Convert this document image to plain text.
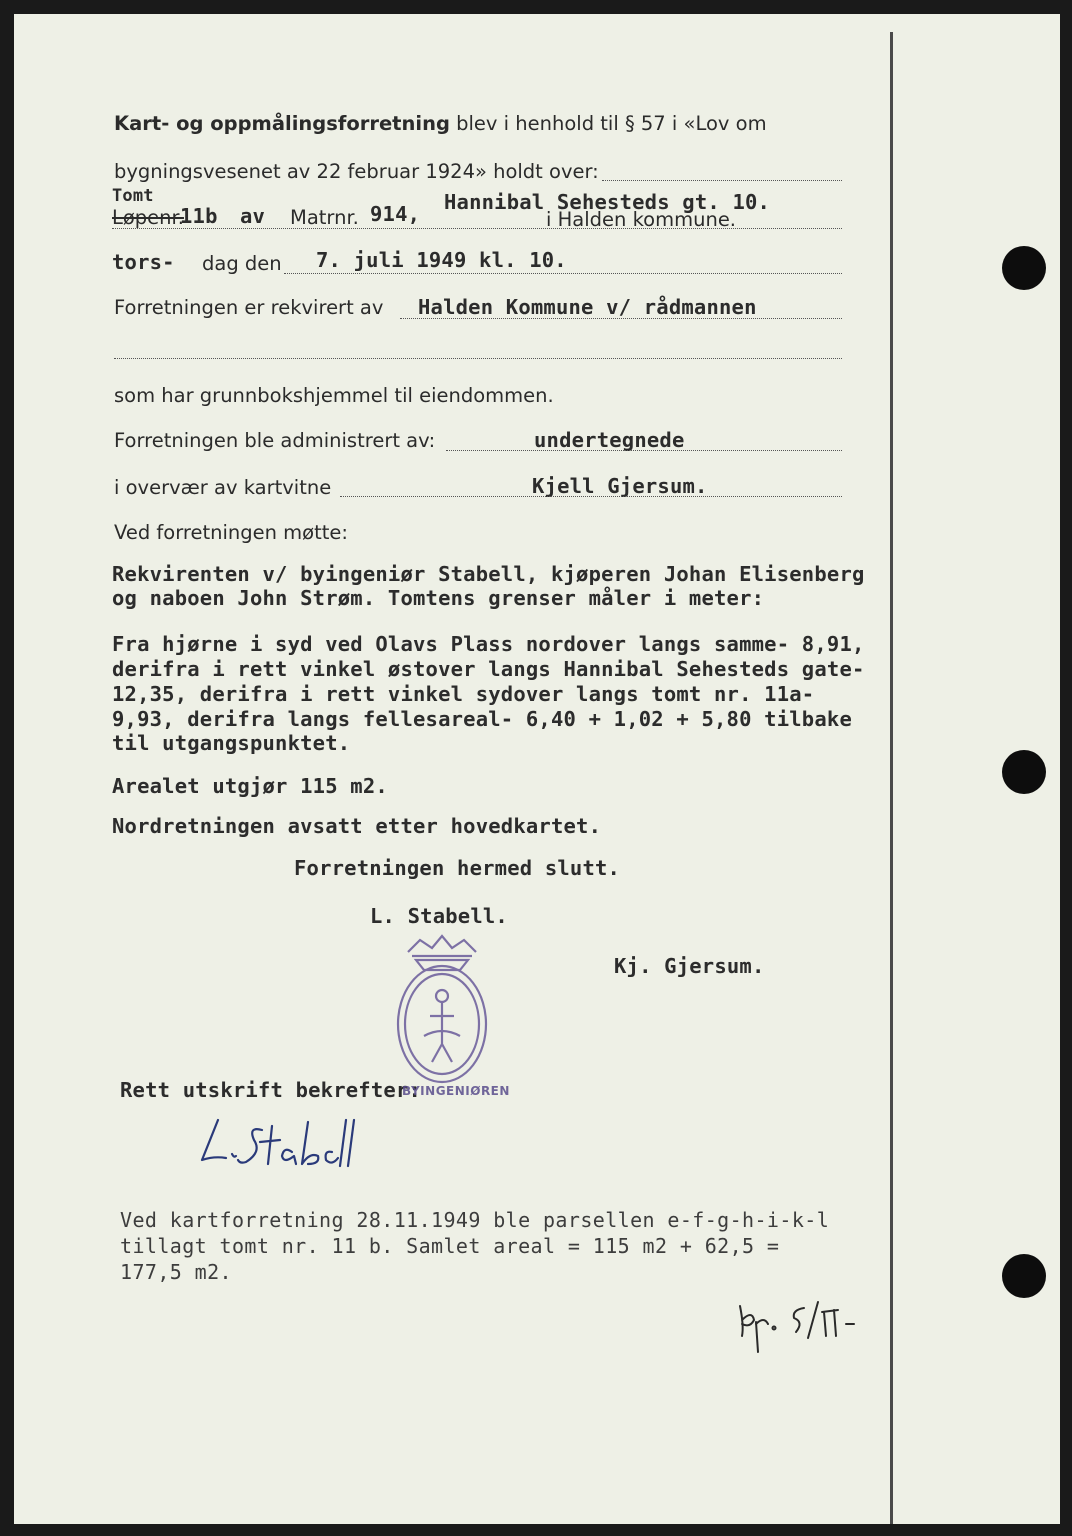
Kart- og oppmålingsforretning blev i henhold til § 57 i «Lov om
bygningsvesenet av 22 februar 1924» holdt over:
Tomt
Løpenr.
11b av Matrnr. 914, Hannibal Sehesteds gt. 10.
i Halden kommune.
tors- dag den 7. juli 1949 kl. 10.
Forretningen er rekvirert av Halden Kommune v/ rådmannen
som har grunnbokshjemmel til eiendommen.
Forretningen ble administrert av:	undertegnede
i overvær av kartvitne	Kjell Gjersum.
Ved forretningen møtte:
Rekvirenten v/ byingeniør Stabell, kjøperen Johan Elisenberg
og naboen John Strøm. Tomtens grenser måler i meter:
Fra hjørne i syd ved Olavs Plass nordover langs samme- 8,91,
derifra i rett vinkel østover langs Hannibal Sehesteds gate-
12,35, derifra i rett vinkel sydover langs tomt nr. 11a-
9,93, derifra langs fellesareal- 6,40 + 1,02 + 5,80 tilbake
til utgangspunktet.
Arealet utgjør 115 m2.
Nordretningen avsatt etter hovedkartet.
Forretningen hermed slutt.
L. Stabell.
Kj. Gjersum.
Rett utskrift bekrefter:
BYINGENIØREN
Ved kartforretning 28.11.1949 ble parsellen e-f-g-h-i-k-l
tillagt tomt nr. 11 b. Samlet areal = 115 m2 + 62,5 =
177,5 m2.
